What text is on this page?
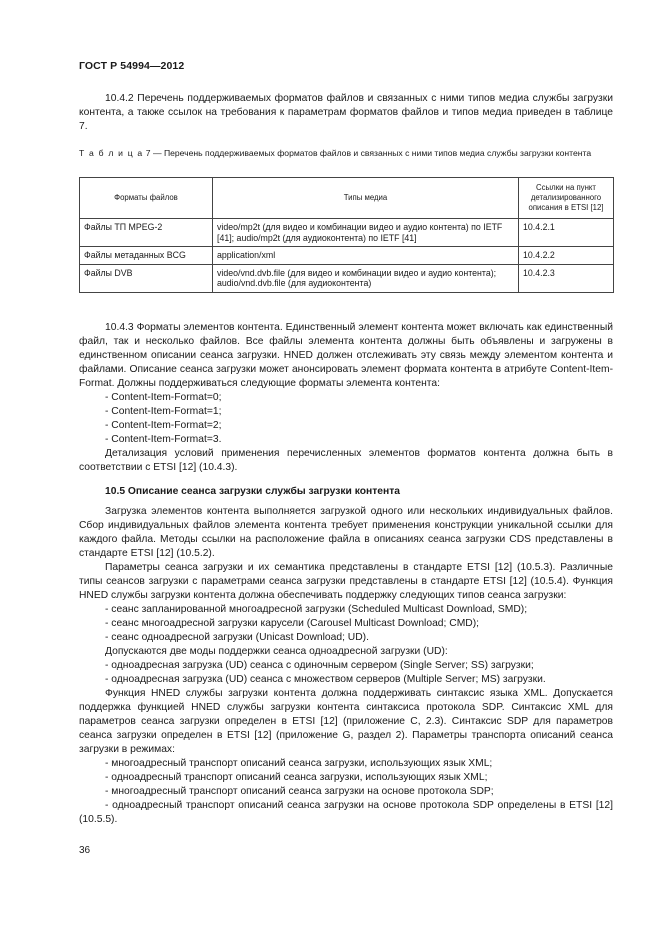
ГОСТ Р 54994—2012

10.4.2 Перечень поддерживаемых форматов файлов и связанных с ними типов медиа службы загрузки контента, а также ссылок на требования к параметрам форматов файлов и типов медиа приведен в таблице 7.

Т а б л и ц а 7 — Перечень поддерживаемых форматов файлов и связанных с ними типов медиа службы загрузки контента
Форматы файлов	Типы медиа	Ссылки на пункт детализированного описания в ETSI [12]
Файлы ТП MPEG-2	video/mp2t (для видео и комбинации видео и аудио контента) по IETF [41]; audio/mp2t (для аудиоконтента) по IETF [41]	10.4.2.1
Файлы метаданных BCG	application/xml	10.4.2.2
Файлы DVB	video/vnd.dvb.file (для видео и комбинации видео и аудио контента);
audio/vnd.dvb.file (для аудиоконтента)	10.4.2.3

10.4.3 Форматы элементов контента. Единственный элемент контента может включать как единственный файл, так и несколько файлов. Все файлы элемента контента должны быть объявлены и загружены в единственном описании сеанса загрузки. HNED должен отслеживать эту связь между элементом контента и файлами. Описание сеанса загрузки может анонсировать элемент формата контента в атрибуте Content-Item-Format. Должны поддерживаться следующие форматы элемента контента:

- Content-Item-Format=0;

- Content-Item-Format=1;

- Content-Item-Format=2;

- Content-Item-Format=3.

Детализация условий применения перечисленных элементов форматов контента должна быть в соответствии с ETSI [12] (10.4.3).

10.5 Описание сеанса загрузки службы загрузки контента

Загрузка элементов контента выполняется загрузкой одного или нескольких индивидуальных файлов. Сбор индивидуальных файлов элемента контента требует применения конструкции уникальной ссылки для каждого файла. Методы ссылки на расположение файла в описаниях сеанса загрузки CDS представлены в стандарте ETSI [12] (10.5.2).

Параметры сеанса загрузки и их семантика представлены в стандарте ETSI [12] (10.5.3). Различные типы сеансов загрузки с параметрами сеанса загрузки представлены в стандарте ETSI [12] (10.5.4). Функция HNED службы загрузки контента должна обеспечивать поддержку следующих типов сеанса загрузки:

- сеанс запланированной многоадресной загрузки (Scheduled Multicast Download, SMD);

- сеанс многоадресной загрузки карусели (Carousel Multicast Download; CMD);

- сеанс одноадресной загрузки (Unicast Download; UD).

Допускаются две моды поддержки сеанса одноадресной загрузки (UD):

- одноадресная загрузка (UD) сеанса с одиночным сервером (Single Server; SS) загрузки;

- одноадресная загрузка (UD) сеанса с множеством серверов (Multiple Server; MS) загрузки.

Функция HNED службы загрузки контента должна поддерживать синтаксис языка XML. Допускается поддержка функцией HNED службы загрузки контента синтаксиса протокола SDP. Синтаксис XML для параметров сеанса загрузки определен в ETSI [12] (приложение C, 2.3). Синтаксис SDP для параметров сеанса загрузки определен в ETSI [12] (приложение G, раздел 2). Параметры транспорта описаний сеанса загрузки в режимах:

- многоадресный транспорт описаний сеанса загрузки, использующих язык XML;

- одноадресный транспорт описаний сеанса загрузки, использующих язык XML;

- многоадресный транспорт описаний сеанса загрузки на основе протокола SDP;

- одноадресный транспорт описаний сеанса загрузки на основе протокола SDP определены в ETSI [12] (10.5.5).

36
